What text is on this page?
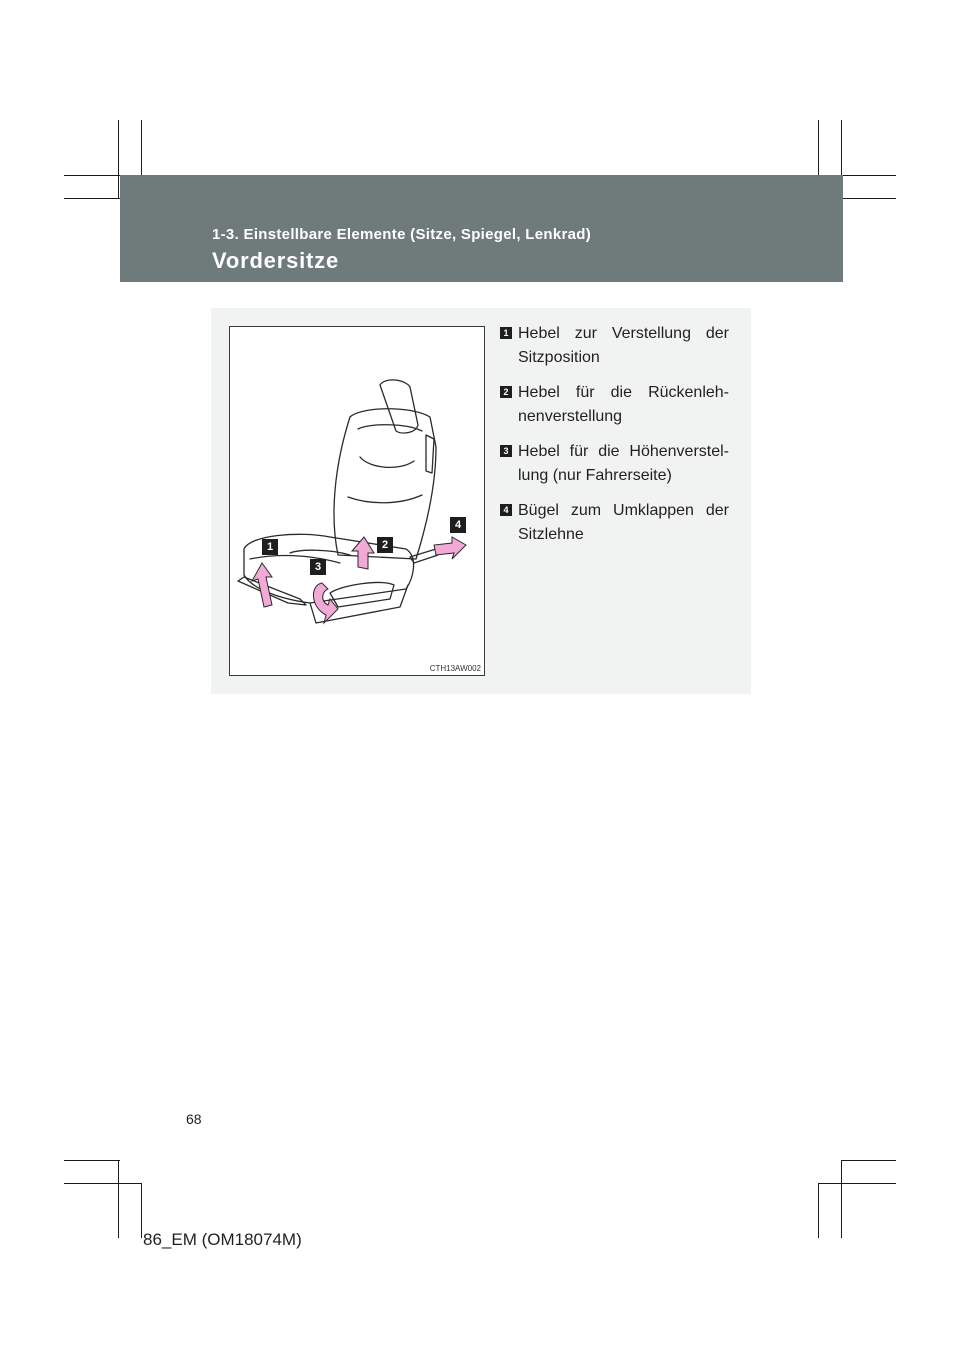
1-3. Einstellbare Elemente (Sitze, Spiegel, Lenkrad)
Vordersitze
1	2
3
4
CTH13AW002
1 Hebel zur Verstellung der
Sitzposition
2 Hebel für die Rückenleh-
nenverstellung
3 Hebel für die Höhenverstel-
lung (nur Fahrerseite)
4 Bügel zum Umklappen der
Sitzlehne
68
86_EM (OM18074M)
